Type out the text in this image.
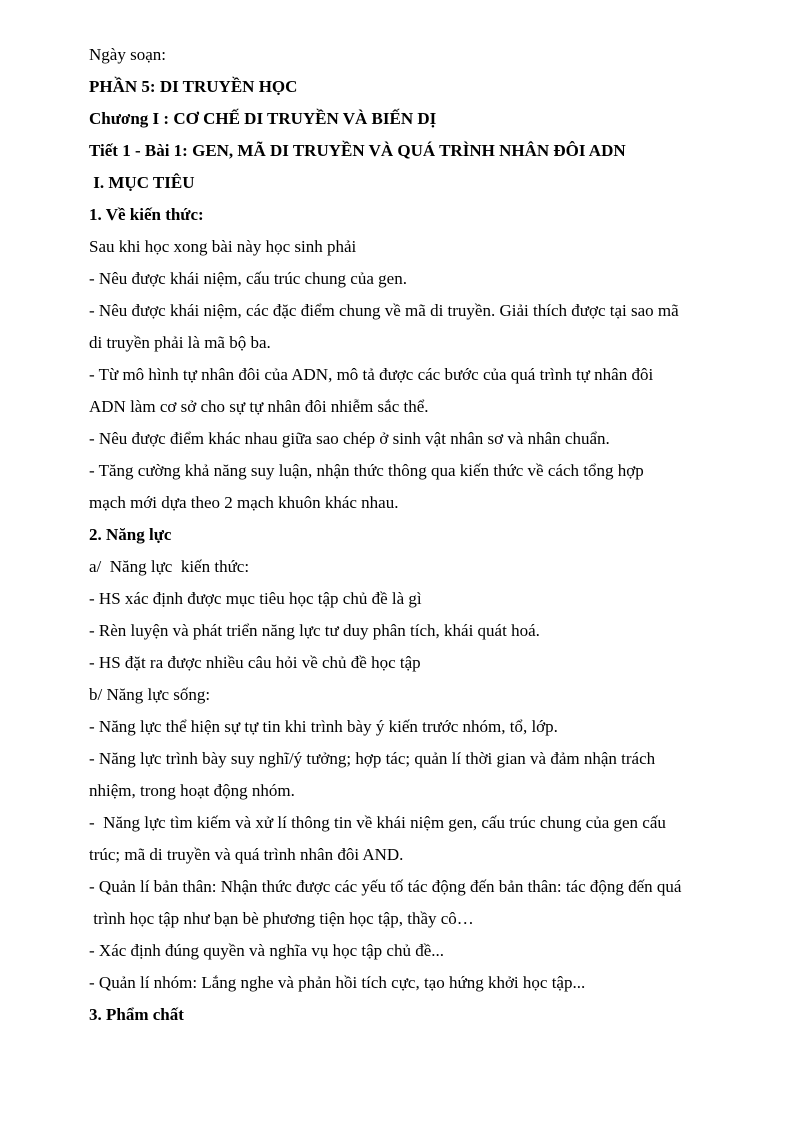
Ngày soạn:
PHẦN 5: DI TRUYỀN HỌC
Chương I : CƠ CHẾ DI TRUYỀN VÀ BIẾN DỊ
Tiết 1 - Bài 1: GEN, MÃ DI TRUYỀN VÀ QUÁ TRÌNH NHÂN ĐÔI ADN
I. MỤC TIÊU
1. Về kiến thức:
Sau khi học xong bài này học sinh phải
- Nêu được khái niệm, cấu trúc chung của gen.
- Nêu được khái niệm, các đặc điểm chung về mã di truyền. Giải thích được tại sao mã
di truyền phải là mã bộ ba.
- Từ mô hình tự nhân đôi của ADN, mô tả được các bước của quá trình tự nhân đôi
ADN làm cơ sở cho sự tự nhân đôi nhiễm sắc thể.
- Nêu được điểm khác nhau giữa sao chép ở sinh vật nhân sơ và nhân chuẩn.
- Tăng cường khả năng suy luận, nhận thức thông qua kiến thức về cách tổng hợp
mạch mới dựa theo 2 mạch khuôn khác nhau.
2. Năng lực
a/  Năng lực  kiến thức:
- HS xác định được mục tiêu học tập chủ đề là gì
- Rèn luyện và phát triển năng lực tư duy phân tích, khái quát hoá.
- HS đặt ra được nhiều câu hỏi về chủ đề học tập
b/ Năng lực sống:
- Năng lực thể hiện sự tự tin khi trình bày ý kiến trước nhóm, tổ, lớp.
- Năng lực trình bày suy nghĩ/ý tưởng; hợp tác; quản lí thời gian và đảm nhận trách
nhiệm, trong hoạt động nhóm.
-  Năng lực tìm kiếm và xử lí thông tin về khái niệm gen, cấu trúc chung của gen cấu
trúc; mã di truyền và quá trình nhân đôi AND.
- Quản lí bản thân: Nhận thức được các yếu tố tác động đến bản thân: tác động đến quá
trình học tập như bạn bè phương tiện học tập, thầy cô…
- Xác định đúng quyền và nghĩa vụ học tập chủ đề...
- Quản lí nhóm: Lắng nghe và phản hồi tích cực, tạo hứng khởi học tập...
3. Phẩm chất
